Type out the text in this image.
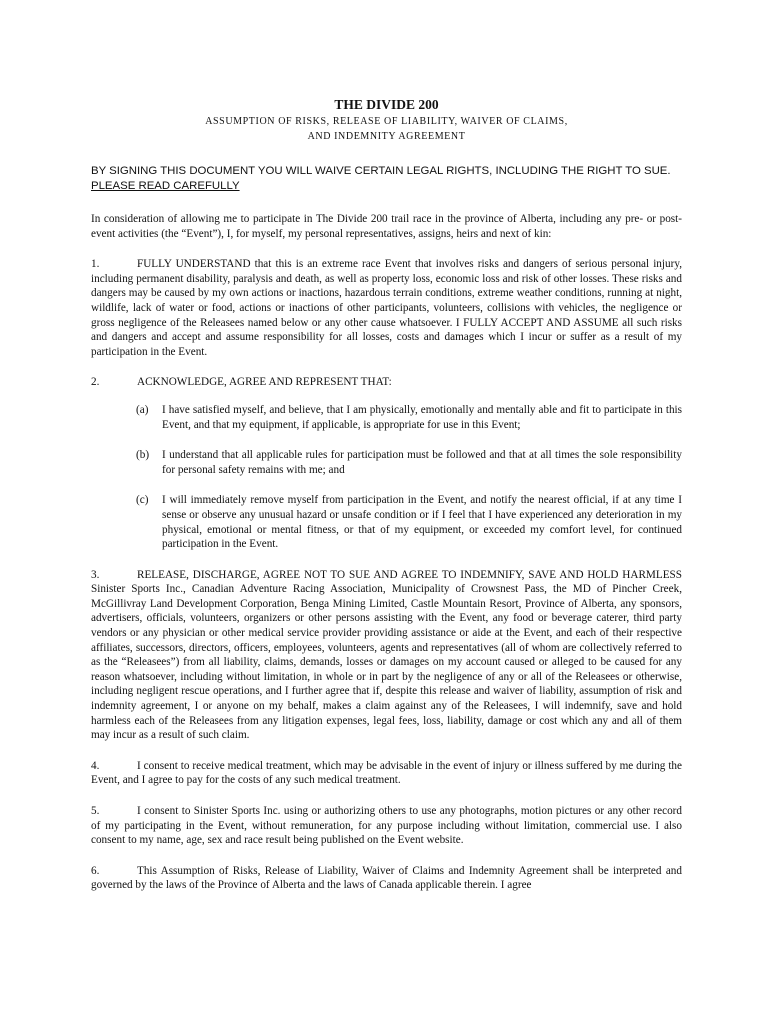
THE DIVIDE 200
ASSUMPTION OF RISKS, RELEASE OF LIABILITY, WAIVER OF CLAIMS,
AND INDEMNITY AGREEMENT

BY SIGNING THIS DOCUMENT YOU WILL WAIVE CERTAIN LEGAL RIGHTS, INCLUDING THE RIGHT TO SUE. PLEASE READ CAREFULLY

In consideration of allowing me to participate in The Divide 200 trail race in the province of Alberta, including any pre- or post-event activities (the “Event”), I, for myself, my personal representatives, assigns, heirs and next of kin:

1.	FULLY UNDERSTAND that this is an extreme race Event that involves risks and dangers of serious personal injury, including permanent disability, paralysis and death, as well as property loss, economic loss and risk of other losses. These risks and dangers may be caused by my own actions or inactions, hazardous terrain conditions, extreme weather conditions, running at night, wildlife, lack of water or food, actions or inactions of other participants, volunteers, collisions with vehicles, the negligence or gross negligence of the Releasees named below or any other cause whatsoever. I FULLY ACCEPT AND ASSUME all such risks and dangers and accept and assume responsibility for all losses, costs and damages which I incur or suffer as a result of my participation in the Event.

2.	ACKNOWLEDGE, AGREE AND REPRESENT THAT:

(a) I have satisfied myself, and believe, that I am physically, emotionally and mentally able and fit to participate in this Event, and that my equipment, if applicable, is appropriate for use in this Event;
(b) I understand that all applicable rules for participation must be followed and that at all times the sole responsibility for personal safety remains with me; and
(c) I will immediately remove myself from participation in the Event, and notify the nearest official, if at any time I sense or observe any unusual hazard or unsafe condition or if I feel that I have experienced any deterioration in my physical, emotional or mental fitness, or that of my equipment, or exceeded my comfort level, for continued participation in the Event.

3.	RELEASE, DISCHARGE, AGREE NOT TO SUE AND AGREE TO INDEMNIFY, SAVE AND HOLD HARMLESS Sinister Sports Inc., Canadian Adventure Racing Association, Municipality of Crowsnest Pass, the MD of Pincher Creek, McGillivray Land Development Corporation, Benga Mining Limited, Castle Mountain Resort, Province of Alberta, any sponsors, advertisers, officials, volunteers, organizers or other persons assisting with the Event, any food or beverage caterer, third party vendors or any physician or other medical service provider providing assistance or aide at the Event, and each of their respective affiliates, successors, directors, officers, employees, volunteers, agents and representatives (all of whom are collectively referred to as the “Releasees”) from all liability, claims, demands, losses or damages on my account caused or alleged to be caused for any reason whatsoever, including without limitation, in whole or in part by the negligence of any or all of the Releasees or otherwise, including negligent rescue operations, and I further agree that if, despite this release and waiver of liability, assumption of risk and indemnity agreement, I or anyone on my behalf, makes a claim against any of the Releasees, I will indemnify, save and hold harmless each of the Releasees from any litigation expenses, legal fees, loss, liability, damage or cost which any and all of them may incur as a result of such claim.

4.	I consent to receive medical treatment, which may be advisable in the event of injury or illness suffered by me during the Event, and I agree to pay for the costs of any such medical treatment.

5.	I consent to Sinister Sports Inc. using or authorizing others to use any photographs, motion pictures or any other record of my participating in the Event, without remuneration, for any purpose including without limitation, commercial use. I also consent to my name, age, sex and race result being published on the Event website.

6.	This Assumption of Risks, Release of Liability, Waiver of Claims and Indemnity Agreement shall be interpreted and governed by the laws of the Province of Alberta and the laws of Canada applicable therein. I agree
